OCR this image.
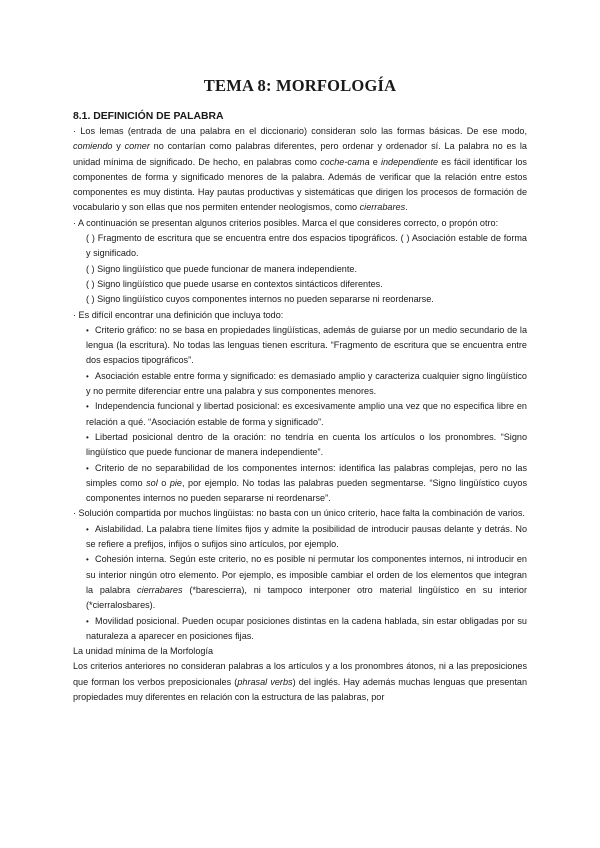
TEMA 8: MORFOLOGÍA
8.1. DEFINICIÓN DE PALABRA

· Los lemas (entrada de una palabra en el diccionario) consideran solo las formas básicas. De ese modo, comiendo y comer no contarían como palabras diferentes, pero ordenar y ordenador sí. La palabra no es la unidad mínima de significado. De hecho, en palabras como coche-cama e independiente es fácil identificar los componentes de forma y significado menores de la palabra. Además de verificar que la relación entre estos componentes es muy distinta. Hay pautas productivas y sistemáticas que dirigen los procesos de formación de vocabulario y son ellas que nos permiten entender neologismos, como cierrabares.

· A continuación se presentan algunos criterios posibles. Marca el que consideres correcto, o propón otro:

( ) Fragmento de escritura que se encuentra entre dos espacios tipográficos. ( ) Asociación estable de forma y significado.
( ) Signo lingüístico que puede funcionar de manera independiente.
( ) Signo lingüístico que puede usarse en contextos sintácticos diferentes.
( ) Signo lingüístico cuyos componentes internos no pueden separarse ni reordenarse.

· Es difícil encontrar una definición que incluya todo:

• Criterio gráfico: no se basa en propiedades lingüísticas, además de guiarse por un medio secundario de la lengua (la escritura). No todas las lenguas tienen escritura. “Fragmento de escritura que se encuentra entre dos espacios tipográficos”.
• Asociación estable entre forma y significado: es demasiado amplio y caracteriza cualquier signo lingüístico y no permite diferenciar entre una palabra y sus componentes menores.
• Independencia funcional y libertad posicional: es excesivamente amplio una vez que no especifica libre en relación a qué. “Asociación estable de forma y significado”.
• Libertad posicional dentro de la oración: no tendría en cuenta los artículos o los pronombres. “Signo lingüístico que puede funcionar de manera independiente”.
• Criterio de no separabilidad de los componentes internos: identifica las palabras complejas, pero no las simples como sol o pie, por ejemplo. No todas las palabras pueden segmentarse. “Signo lingüístico cuyos componentes internos no pueden separarse ni reordenarse”.

· Solución compartida por muchos lingüistas: no basta con un único criterio, hace falta la combinación de varios.

• Aislabilidad. La palabra tiene límites fijos y admite la posibilidad de introducir pausas delante y detrás. No se refiere a prefijos, infijos o sufijos sino artículos, por ejemplo.
• Cohesión interna. Según este criterio, no es posible ni permutar los componentes internos, ni introducir en su interior ningún otro elemento. Por ejemplo, es imposible cambiar el orden de los elementos que integran la palabra cierrabares (*barescierra), ni tampoco interponer otro material lingüístico en su interior (*cierralosbares).
• Movilidad posicional. Pueden ocupar posiciones distintas en la cadena hablada, sin estar obligadas por su naturaleza a aparecer en posiciones fijas.

La unidad mínima de la Morfología

Los criterios anteriores no consideran palabras a los artículos y a los pronombres átonos, ni a las preposiciones que forman los verbos preposicionales (phrasal verbs) del inglés. Hay además muchas lenguas que presentan propiedades muy diferentes en relación con la estructura de las palabras, por
